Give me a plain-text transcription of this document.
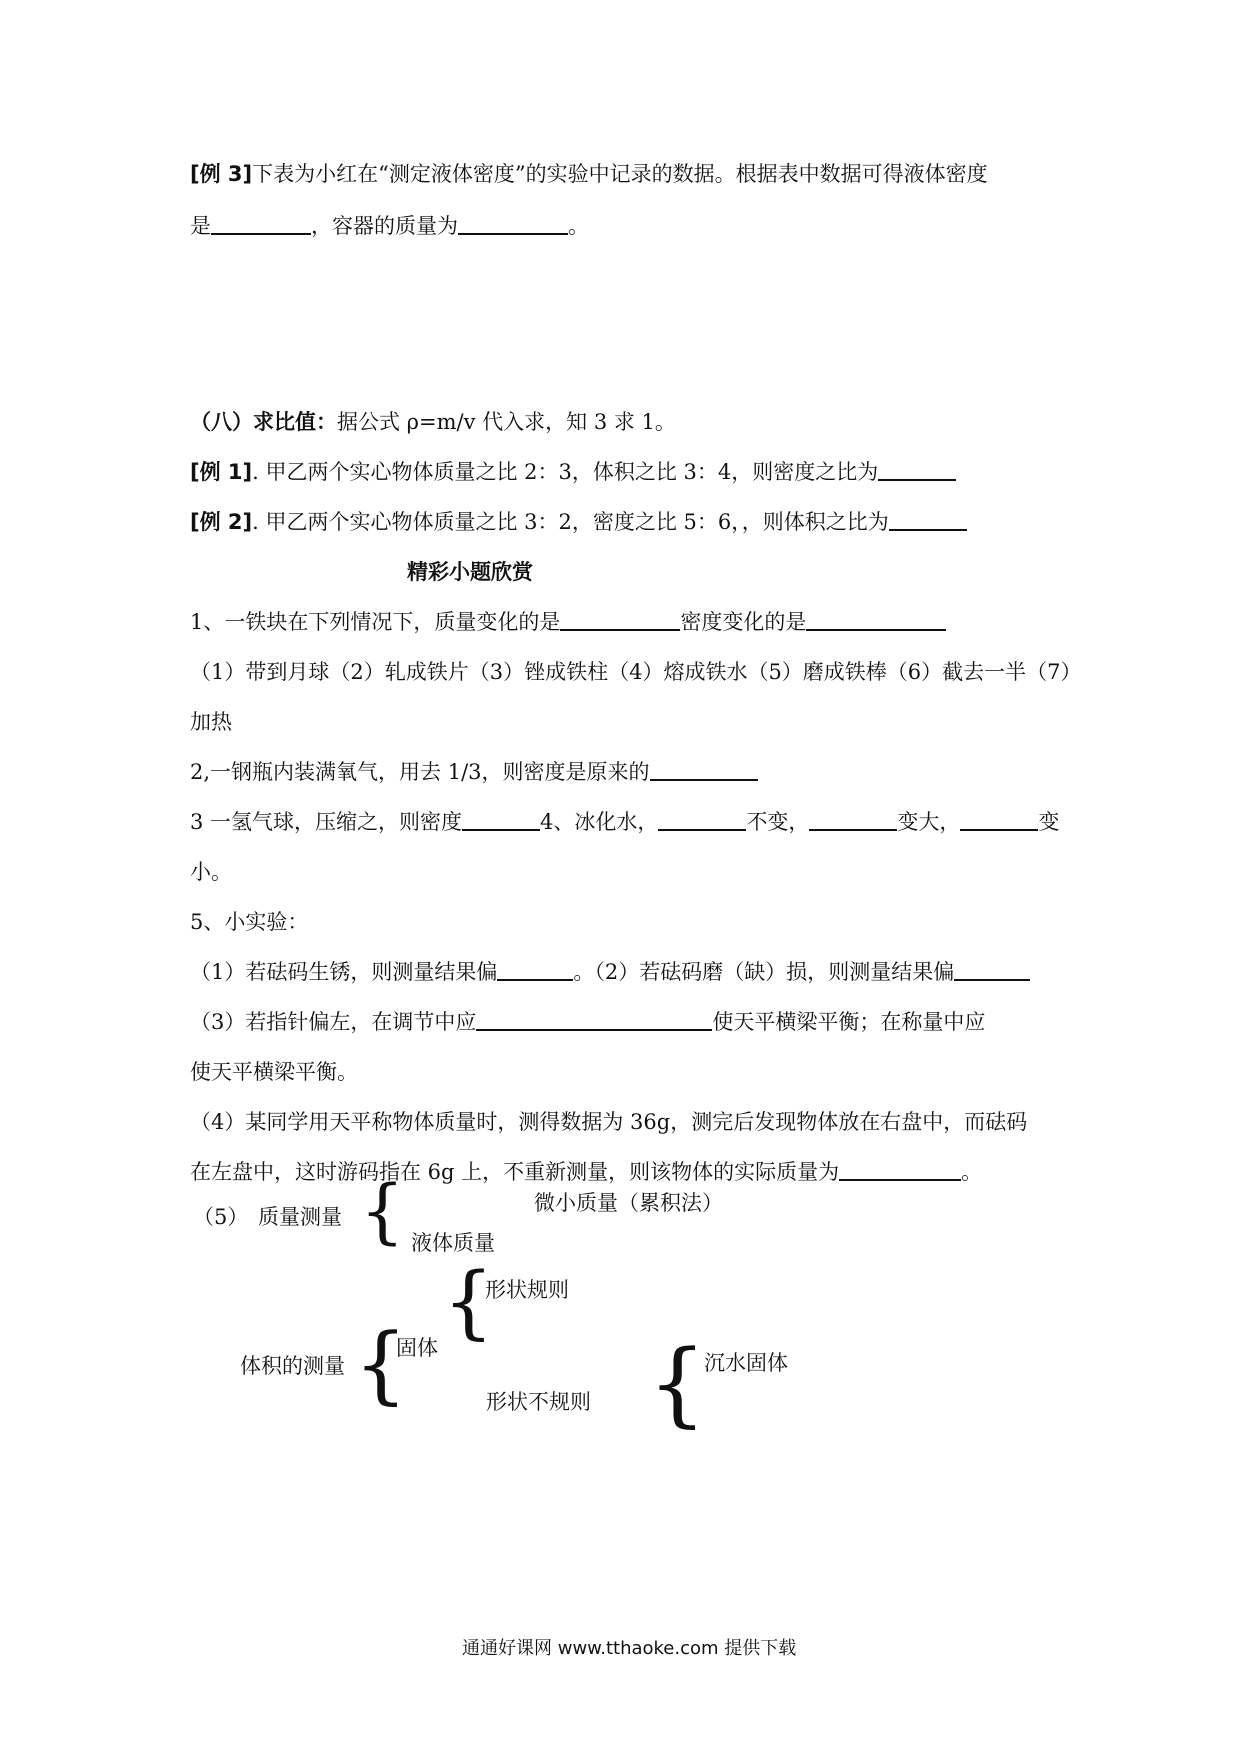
[例 3]下表为小红在“测定液体密度”的实验中记录的数据。根据表中数据可得液体密度
是	，容器的质量为	。
（八）求比值：据公式 ρ=m/v 代入求，知 3 求 1。
[例 1]. 甲乙两个实心物体质量之比 2：3，体积之比 3：4，则密度之比为
[例 2]. 甲乙两个实心物体质量之比 3：2，密度之比 5：6，，则体积之比为
精彩小题欣赏
1、一铁块在下列情况下，质量变化的是	密度变化的是
（1）带到月球（2）轧成铁片（3）锉成铁柱（4）熔成铁水（5）磨成铁棒（6）截去一半（7）
加热
2,一钢瓶内装满氧气，用去 1/3，则密度是原来的
3 一氢气球，压缩之，则密度	4、冰化水，	不变，	变大，	变
小。
5、小实验：
（1）若砝码生锈，则测量结果偏	。（2）若砝码磨（缺）损，则测量结果偏
（3）若指针偏左，在调节中应	使天平横梁平衡；在称量中应
使天平横梁平衡。
（4）某同学用天平称物体质量时，测得数据为 36g，测完后发现物体放在右盘中，而砝码
在左盘中，这时游码指在 6g 上，不重新测量，则该物体的实际质量为	。
（5） 质量测量 {	微小质量（累积法）
液体质量
{
形状规则
体积的测量 {
固体
形状不规则 {
沉水固体
通通好课网 www.tthaoke.com 提供下载
